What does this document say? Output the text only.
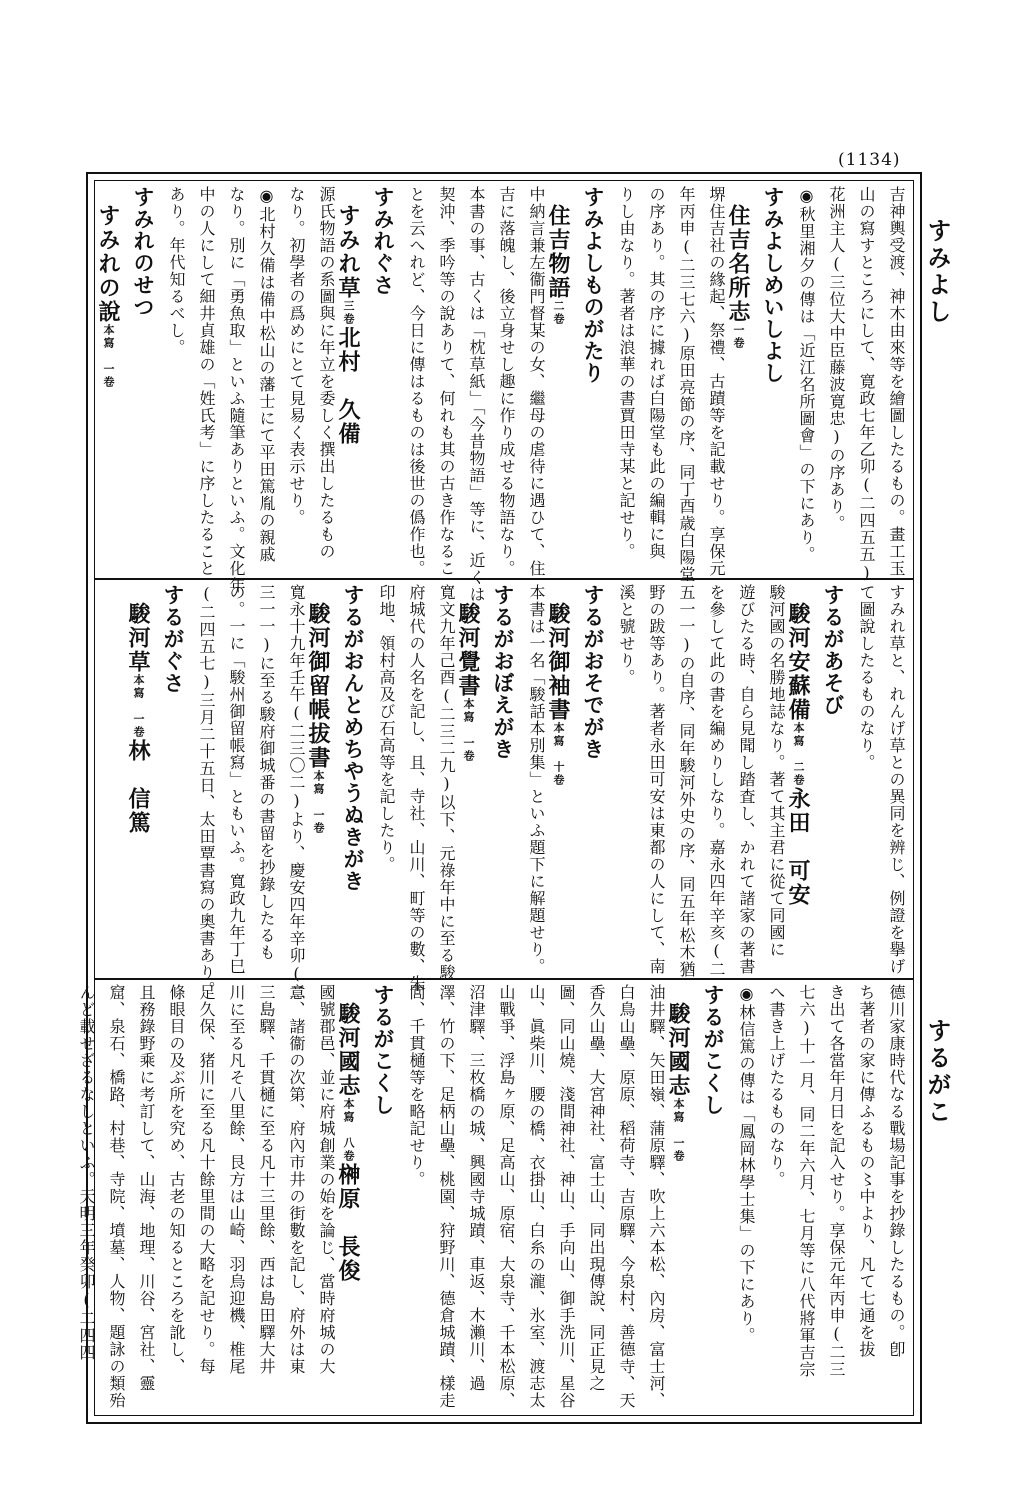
(1134)
すみよし
するがこ
吉神輿受渡、神木由來等を繪圖したるもの。畫工玉
山の寫すところにして、寛政七年乙卯(二四五五)
花洲主人(三位大中臣藤波寛忠)の序あり。
◉秋里湘夕の傳は「近江名所圖會」の下にあり。
すみよしめいしよし
住吉名所志一卷
堺住吉社の緣起、祭禮、古蹟等を記載せり。享保元
年丙申(二三七六)原田亮節の序、同丁酉歳白陽堂
の序あり。其の序に據れば白陽堂も此の編輯に與
りし由なり。著者は浪華の書賈田寺某と記せり。
すみよしものがたり
住吉物語二卷
中納言兼左衞門督某の女、繼母の虐待に遇ひて、住
吉に落魄し、後立身せし趣に作り成せる物語なり。
本書の事、古くは「枕草紙」「今昔物語」等に、近くは
契沖、季吟等の說ありて、何れも其の古き作なるこ
とを云へれど、今日に傳はるものは後世の僞作也。
すみれぐさ
すみれ草三卷北村　久備
源氏物語の系圖與に年立を委しく撰出したるもの
なり。初學者の爲めにとて見易く表示せり。
◉北村久備は備中松山の藩士にて平田篤胤の親戚
なり。別に「勇魚取」といふ隨筆ありといふ。文化年
中の人にして細井貞雄の「姓氏考」に序したること
あり。年代知るべし。
すみれのせつ
すみれの說本寫　一卷
すみれ草と、れんげ草との異同を辨じ、例證を擧げ
て圖說したるものなり。
するがあそび
駿河安蘇備本寫　二卷永田　可安
駿河國の名勝地誌なり。著て其主君に從て同國に
遊びたる時、自ら見聞し踏査し、かれて諸家の著書
を參して此の書を編めりしなり。嘉永四年辛亥(二
五一一)の自序、同年駿河外史の序、同五年松木猶
野の跋等あり。著者永田可安は東都の人にして、南
溪と號せり。
するがおそでがき
駿河御袖書本寫　十卷
本書は一名「駿話本別集」といふ題下に解題せり。
するがおぼえがき
駿河覺書本寫　一卷
寬文九年己酉(二三二九)以下、元祿年中に至る駿
府城代の人名を記し、且、寺社、山川、町等の數、朱
印地、領村高及び石高等を記したり。
するがおんとめちやうぬきがき
駿河御留帳拔書本寫　一卷
寬永十九年壬午(二三〇二)より、慶安四年辛卯(二
三一一)に至る駿府御城番の書留を抄錄したるも
の。一に「駿州御留帳寫」ともいふ。寬政九年丁巳
(二四五七)三月二十五日、太田覃書寫の奧書あり。
するがぐさ
駿河草本寫　一卷林　信篤
德川家康時代なる戰場記事を抄錄したるもの。卽
ち著者の家に傳ふるもの〻中より、凡て七通を拔
き出て各當年月日を記入せり。享保元年丙申(二三
七六)十一月、同二年六月、七月等に八代將軍吉宗
へ書き上げたるものなり。
◉林信篤の傳は「鳳岡林學士集」の下にあり。
するがこくし
駿河國志本寫　一卷
油井驛、矢田嶺、蒲原驛、吹上六本松、內房、富士河、
白鳥山壘、原原、稻荷寺、吉原驛、今泉村、善德寺、天
香久山壘、大宮神社、富士山、同出現傳說、同正見之
圖、同山燒、淺間神社、神山、手向山、御手洗川、星谷
山、眞柴川、腰の橋、衣掛山、白糸の瀧、氷室、渡志太
山戰爭、浮島ヶ原、足高山、原宿、大泉寺、千本松原、
沼津驛、三枚橋の城、興國寺城蹟、車返、木瀨川、過
澤、竹の下、足柄山壘、桃園、狩野川、德倉城蹟、樣走
閭、千貫樋等を略記せり。
するがこくし
駿河國志本寫　八卷榊原　長俊
國號郡邑、並に府城創業の始を論じ、當時府城の大
意、諸衞の次第、府內市井の街數を記し、府外は東
三島驛、千貫樋に至る凡十三里餘、西は島田驛大井
川に至る凡そ八里餘、艮方は山崎、羽烏迎機、椎尾
足久保、猪川に至る凡十餘里間の大略を記せり。每
條眼目の及ぶ所を究め、古老の知るところを訛し、
且務錄野乘に考訂して、山海、地理、川谷、宮社、靈
窟、泉石、橋路、村巷、寺院、墳墓、人物、題詠の類殆
んど載せざるなしといふ。天明三年癸卯(二四四
